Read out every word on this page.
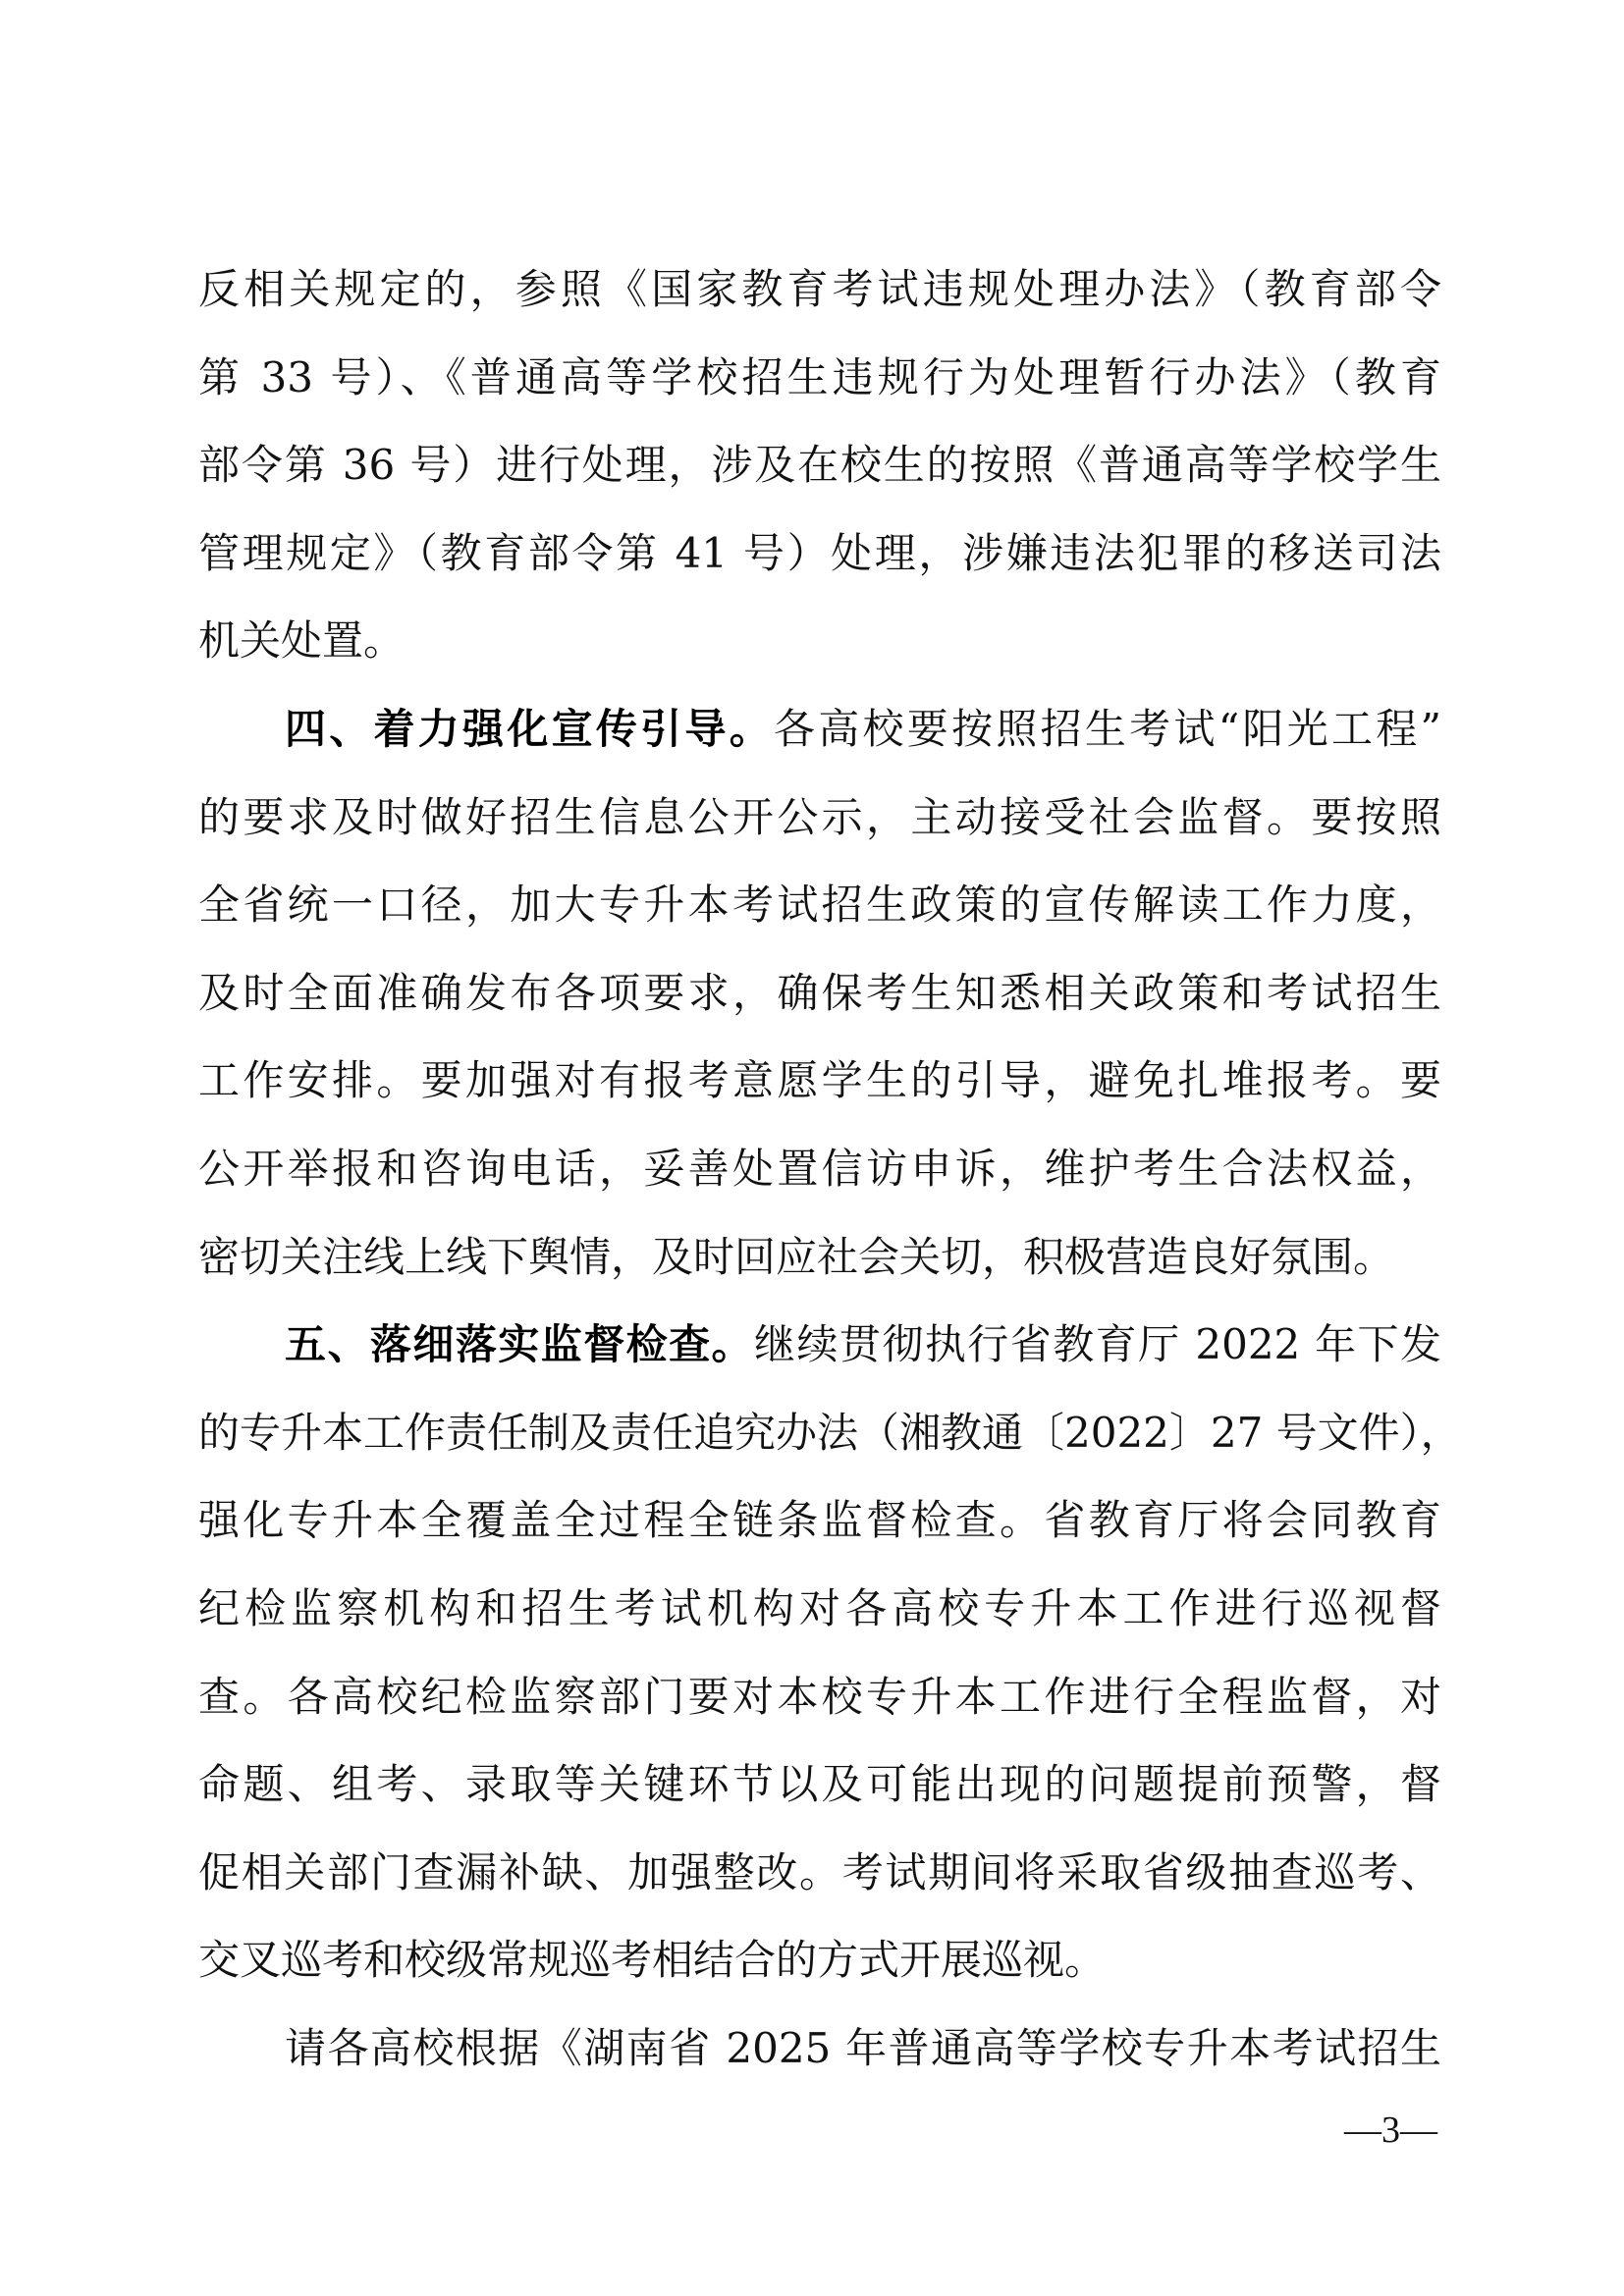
反相关规定的，参照《国家教育考试违规处理办法》（教育部令
第 33 号）、《普通高等学校招生违规行为处理暂行办法》（教育
部令第 36 号）进行处理，涉及在校生的按照《普通高等学校学生
管理规定》（教育部令第 41 号）处理，涉嫌违法犯罪的移送司法
机关处置。
四、着力强化宣传引导。各高校要按照招生考试“阳光工程”
的要求及时做好招生信息公开公示，主动接受社会监督。要按照
全省统一口径，加大专升本考试招生政策的宣传解读工作力度，
及时全面准确发布各项要求，确保考生知悉相关政策和考试招生
工作安排。要加强对有报考意愿学生的引导，避免扎堆报考。要
公开举报和咨询电话，妥善处置信访申诉，维护考生合法权益，
密切关注线上线下舆情，及时回应社会关切，积极营造良好氛围。
五、落细落实监督检查。继续贯彻执行省教育厅 2022 年下发
的专升本工作责任制及责任追究办法（湘教通〔2022〕27 号文件），
强化专升本全覆盖全过程全链条监督检查。省教育厅将会同教育
纪检监察机构和招生考试机构对各高校专升本工作进行巡视督
查。各高校纪检监察部门要对本校专升本工作进行全程监督，对
命题、组考、录取等关键环节以及可能出现的问题提前预警，督
促相关部门查漏补缺、加强整改。考试期间将采取省级抽查巡考、
交叉巡考和校级常规巡考相结合的方式开展巡视。
请各高校根据《湖南省 2025 年普通高等学校专升本考试招生
—3—
